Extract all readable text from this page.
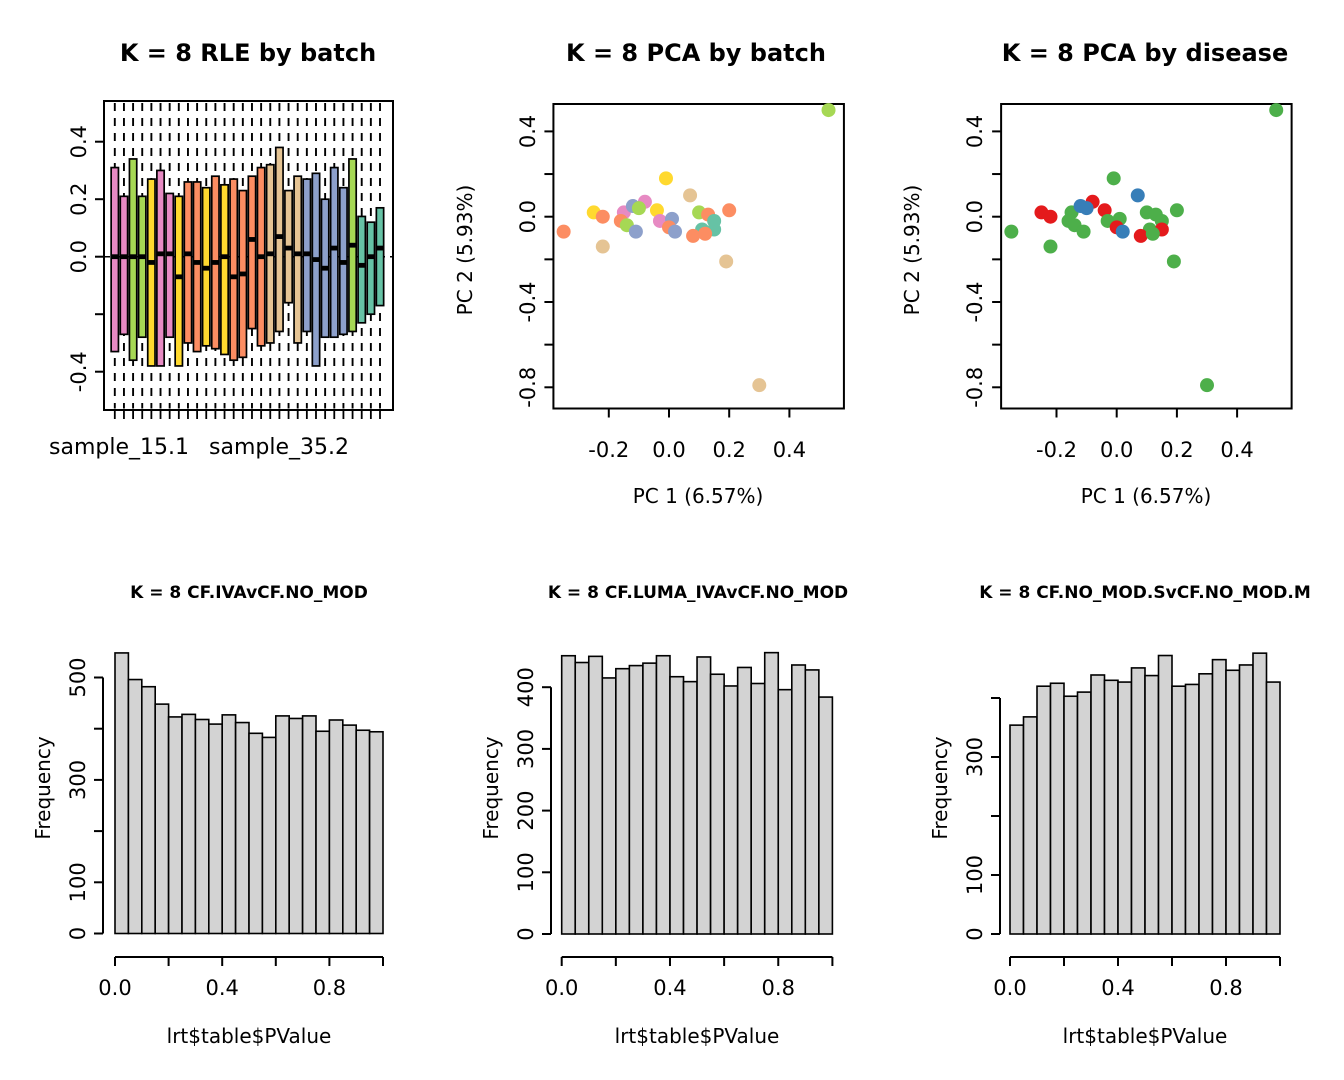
K = 8 RLE by batch
0.4
0.2
0.0
-0.4
sample_15.1 sample_35.2
K = 8 PCA by batch
-0.2 0.0 0.2 0.4
0.4
0.0
-0.4
-0.8
PC 1 (6.57%)
PC 2 (5.93%)
K = 8 PCA by disease
-0.2 0.0 0.2 0.4
0.4
0.0
-0.4
-0.8
PC 1 (6.57%)
PC 2 (5.93%)
K = 8 CF.IVAvCF.NO_MOD
0
100
300
500
0.0	0.4	0.8
lrt$table$PValue
Frequency
K = 8 CF.LUMA_IVAvCF.NO_MOD
0
100
200
300
400
0.0	0.4	0.8
lrt$table$PValue
Frequency
K = 8 CF.NO_MOD.SvCF.NO_MOD.M
0
100
300
0.0	0.4	0.8
lrt$table$PValue
Frequency
